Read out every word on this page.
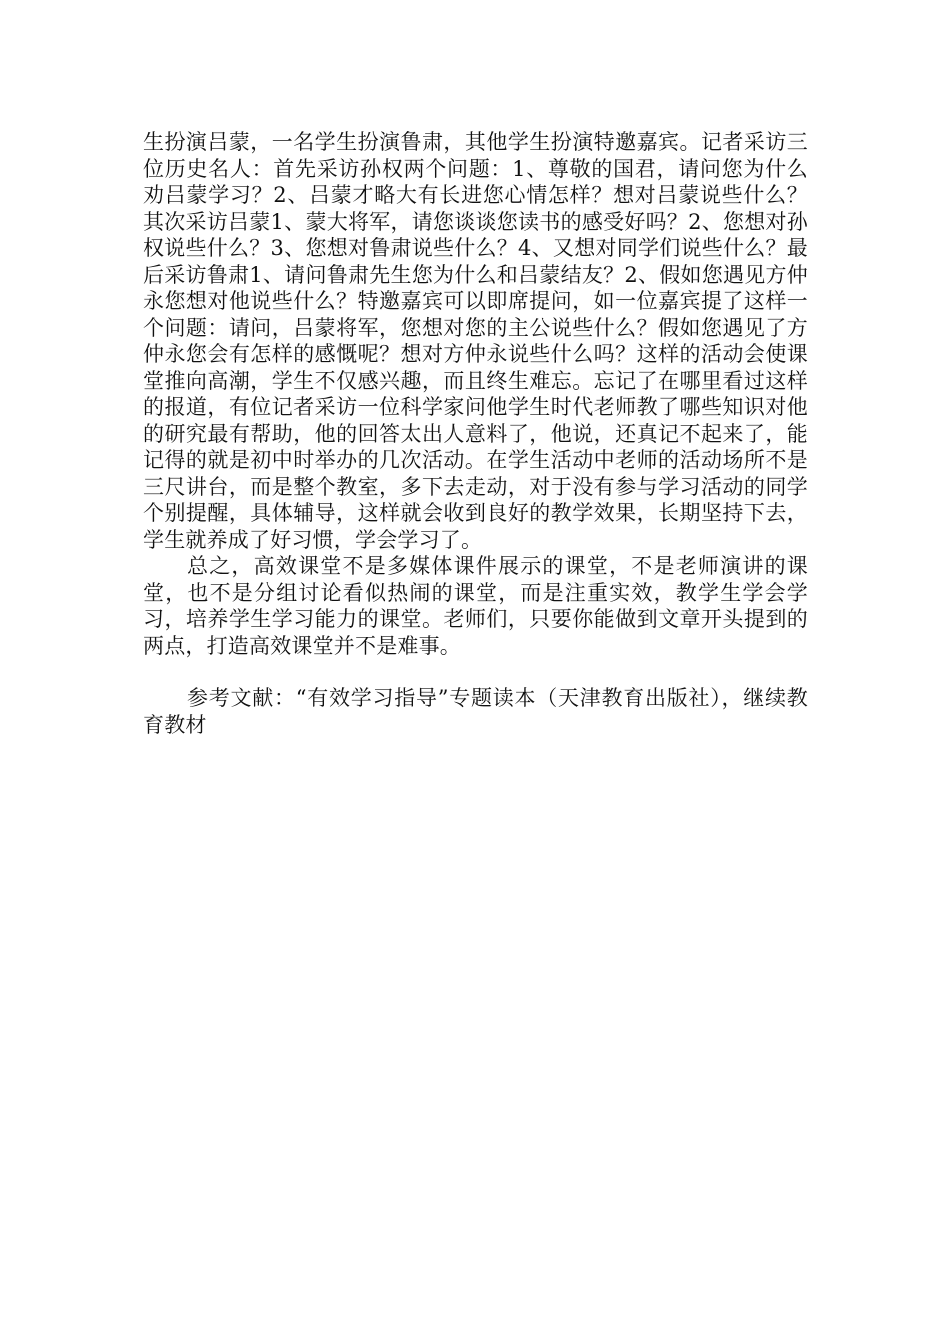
生扮演吕蒙，一名学生扮演鲁肃，其他学生扮演特邀嘉宾。记者采访三位历史名人：首先采访孙权两个问题：1、尊敬的国君，请问您为什么劝吕蒙学习？2、吕蒙才略大有长进您心情怎样？想对吕蒙说些什么？其次采访吕蒙1、蒙大将军，请您谈谈您读书的感受好吗？2、您想对孙权说些什么？3、您想对鲁肃说些什么？4、又想对同学们说些什么？最后采访鲁肃1、请问鲁肃先生您为什么和吕蒙结友？2、假如您遇见方仲永您想对他说些什么？特邀嘉宾可以即席提问，如一位嘉宾提了这样一个问题：请问，吕蒙将军，您想对您的主公说些什么？假如您遇见了方仲永您会有怎样的感慨呢？想对方仲永说些什么吗？这样的活动会使课堂推向高潮，学生不仅感兴趣，而且终生难忘。忘记了在哪里看过这样的报道，有位记者采访一位科学家问他学生时代老师教了哪些知识对他的研究最有帮助，他的回答太出人意料了，他说，还真记不起来了，能记得的就是初中时举办的几次活动。在学生活动中老师的活动场所不是三尺讲台，而是整个教室，多下去走动，对于没有参与学习活动的同学个别提醒，具体辅导，这样就会收到良好的教学效果，长期坚持下去，学生就养成了好习惯，学会学习了。

总之，高效课堂不是多媒体课件展示的课堂，不是老师演讲的课堂，也不是分组讨论看似热闹的课堂，而是注重实效，教学生学会学习，培养学生学习能力的课堂。老师们，只要你能做到文章开头提到的两点，打造高效课堂并不是难事。

参考文献：“有效学习指导”专题读本（天津教育出版社），继续教育教材
